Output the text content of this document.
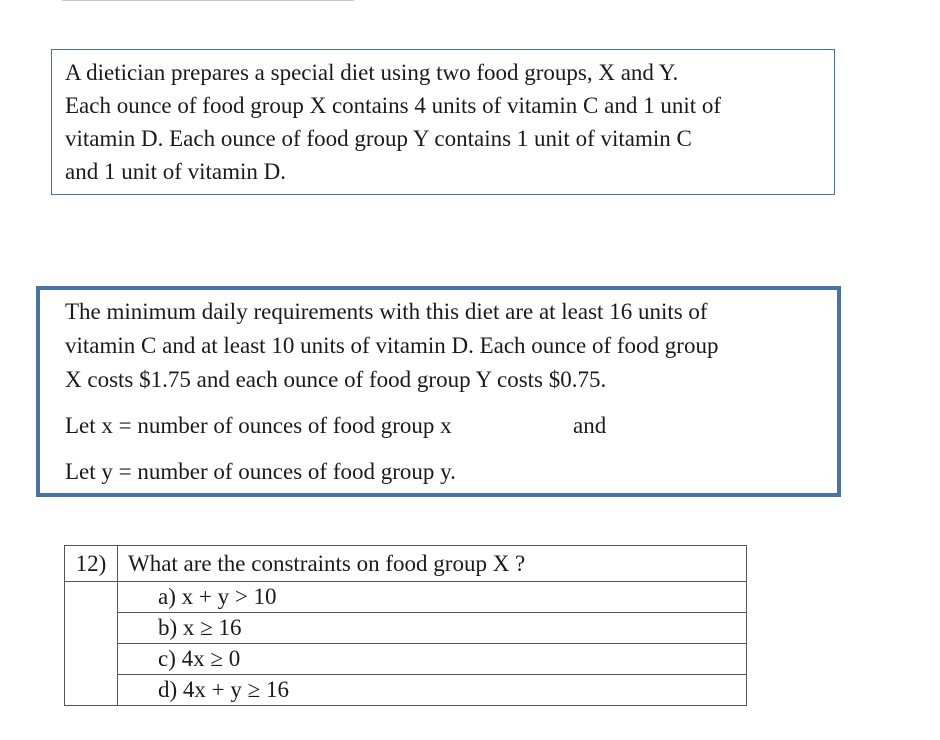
A dietician prepares a special diet using two food groups, X and Y.
Each ounce of food group X contains 4 units of vitamin C and 1 unit of
vitamin D. Each ounce of food group Y contains 1 unit of vitamin C
and 1 unit of vitamin D.
The minimum daily requirements with this diet are at least 16 units of
vitamin C and at least 10 units of vitamin D. Each ounce of food group
X costs $1.75 and each ounce of food group Y costs $0.75.
Let x = number of ounces of food group x	and
Let y = number of ounces of food group y.
12)	What are the constraints on food group X ?
	a) x + y > 10
	b) x ≥ 16
	c) 4x ≥ 0
	d) 4x + y ≥ 16
